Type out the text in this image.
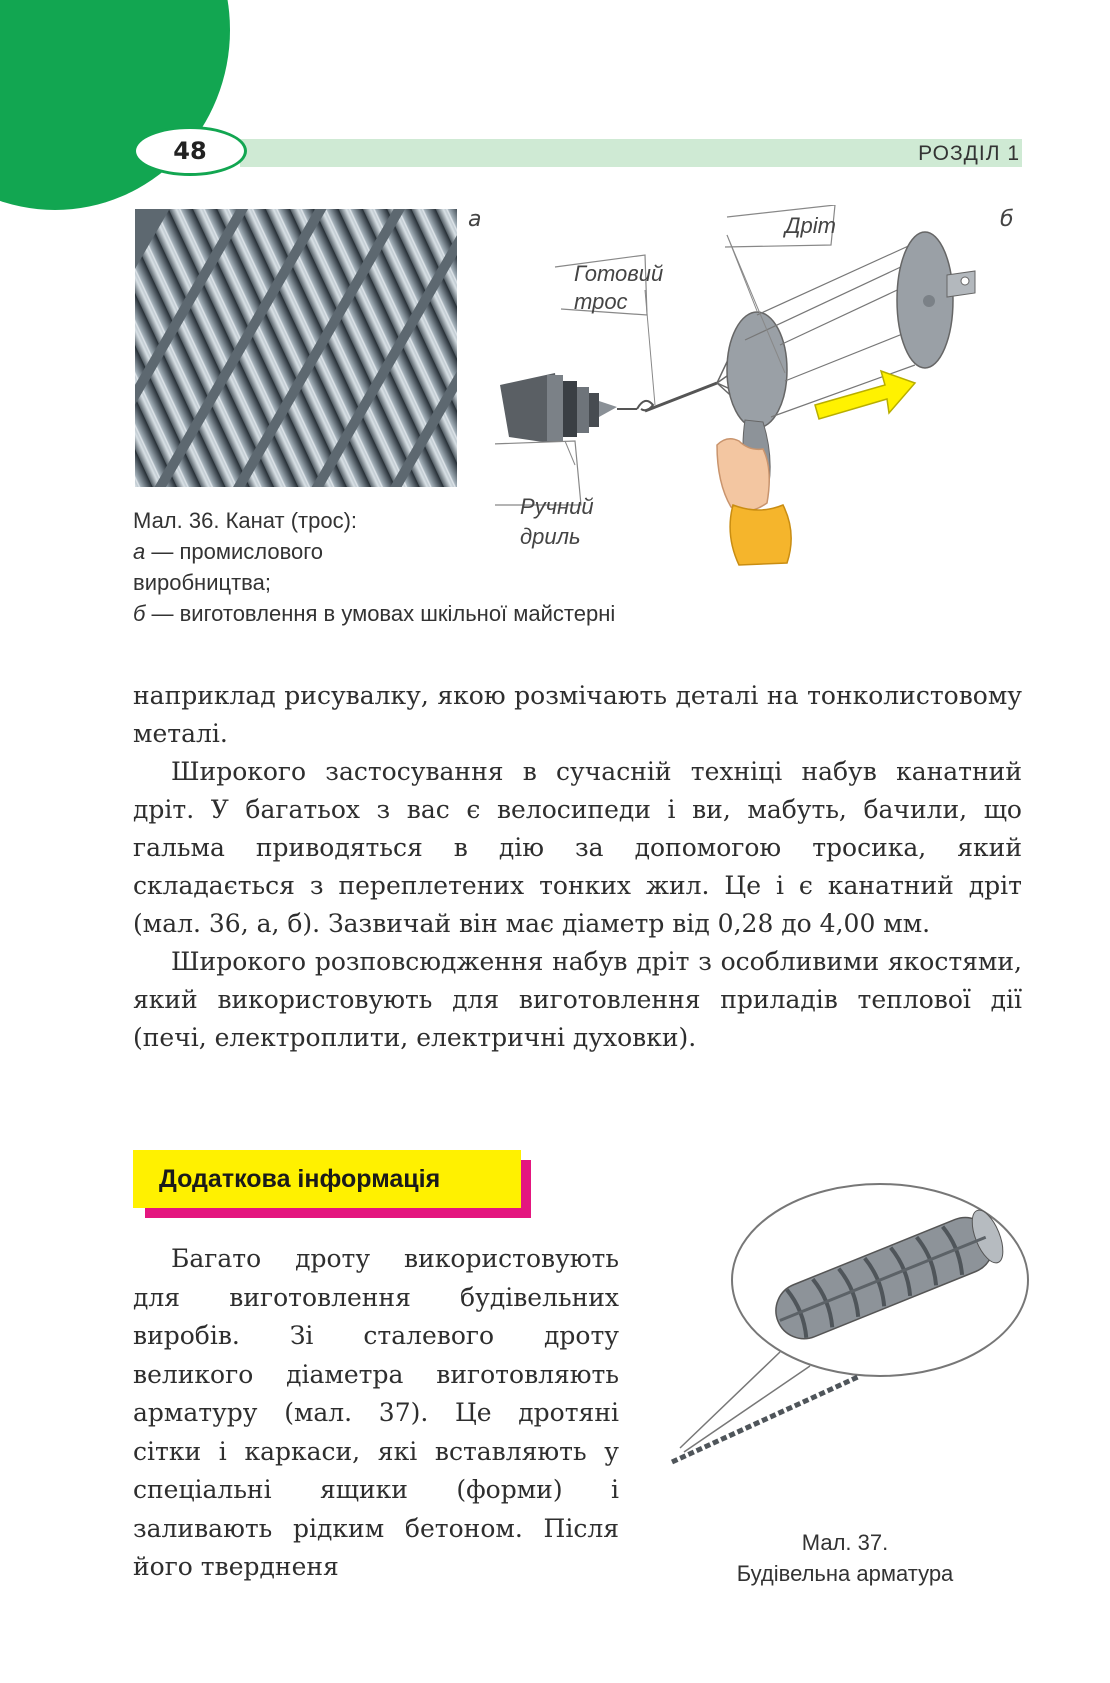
48	РОЗДІЛ 1
а	б
Дріт
Готовий
трос
Ручний
дриль
Мал. 36. Канат (трос):
а — промислового
виробництва;
б — виготовлення в умовах шкільної майстерні

наприклад рисувалку, якою розмічають деталі на тонколистовому металі.

Широкого застосування в сучасній техніці набув канатний дріт. У багатьох з вас є велосипеди і ви, мабуть, бачили, що гальма приводяться в дію за допомогою тросика, який складається з переплетених тонких жил. Це і є канатний дріт (мал. 36, а, б). Зазвичай він має діаметр від 0,28 до 4,00 мм.

Широкого розповсюдження набув дріт з особливими якостями, який використовують для виготовлення приладів теплової дії (печі, електроплити, електричні духовки).

Додаткова інформація

Багато дроту використовують для виготовлення будівельних виробів. Зі сталевого дроту великого діаметра виготовляють арматуру (мал. 37). Це дротяні сітки і каркаси, які вставляють у спеціальні ящики (форми) і заливають рідким бетоном. Після його твердненя

Мал. 37.
Будівельна арматура
